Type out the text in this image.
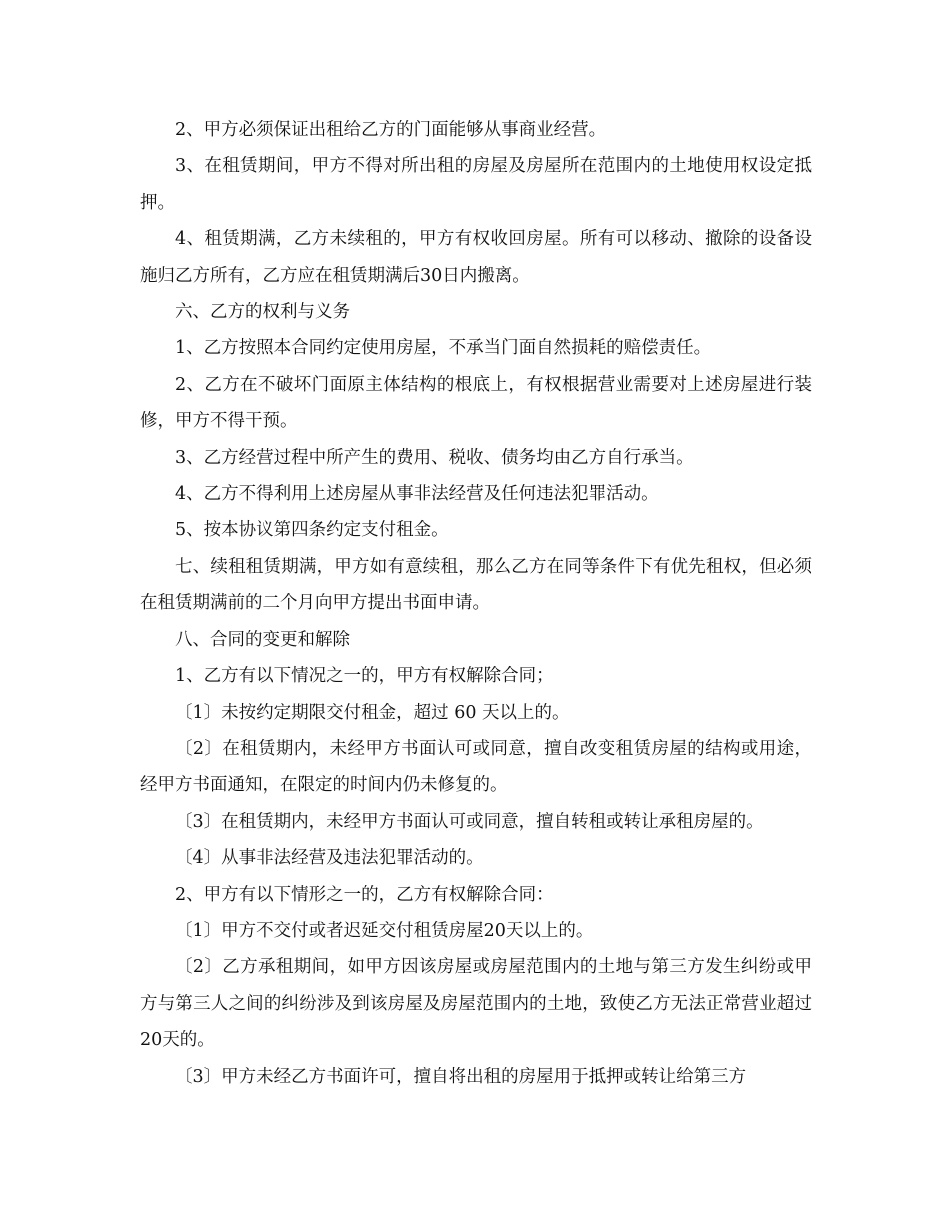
2、甲方必须保证出租给乙方的门面能够从事商业经营。

3、在租赁期间，甲方不得对所出租的房屋及房屋所在范围内的土地使用权设定抵押。

4、租赁期满，乙方未续租的，甲方有权收回房屋。所有可以移动、撤除的设备设施归乙方所有，乙方应在租赁期满后30日内搬离。

六、乙方的权利与义务

1、乙方按照本合同约定使用房屋，不承当门面自然损耗的赔偿责任。

2、乙方在不破坏门面原主体结构的根底上，有权根据营业需要对上述房屋进行装修，甲方不得干预。

3、乙方经营过程中所产生的费用、税收、债务均由乙方自行承当。

4、乙方不得利用上述房屋从事非法经营及任何违法犯罪活动。

5、按本协议第四条约定支付租金。

七、续租租赁期满，甲方如有意续租，那么乙方在同等条件下有优先租权，但必须在租赁期满前的二个月向甲方提出书面申请。

八、合同的变更和解除

1、乙方有以下情况之一的，甲方有权解除合同；

〔1〕未按约定期限交付租金，超过 60 天以上的。

〔2〕在租赁期内，未经甲方书面认可或同意，擅自改变租赁房屋的结构或用途，经甲方书面通知，在限定的时间内仍未修复的。

〔3〕在租赁期内，未经甲方书面认可或同意，擅自转租或转让承租房屋的。

〔4〕从事非法经营及违法犯罪活动的。

2、甲方有以下情形之一的，乙方有权解除合同：

〔1〕甲方不交付或者迟延交付租赁房屋20天以上的。

〔2〕乙方承租期间，如甲方因该房屋或房屋范围内的土地与第三方发生纠纷或甲方与第三人之间的纠纷涉及到该房屋及房屋范围内的土地，致使乙方无法正常营业超过20天的。

〔3〕甲方未经乙方书面许可，擅自将出租的房屋用于抵押或转让给第三方
